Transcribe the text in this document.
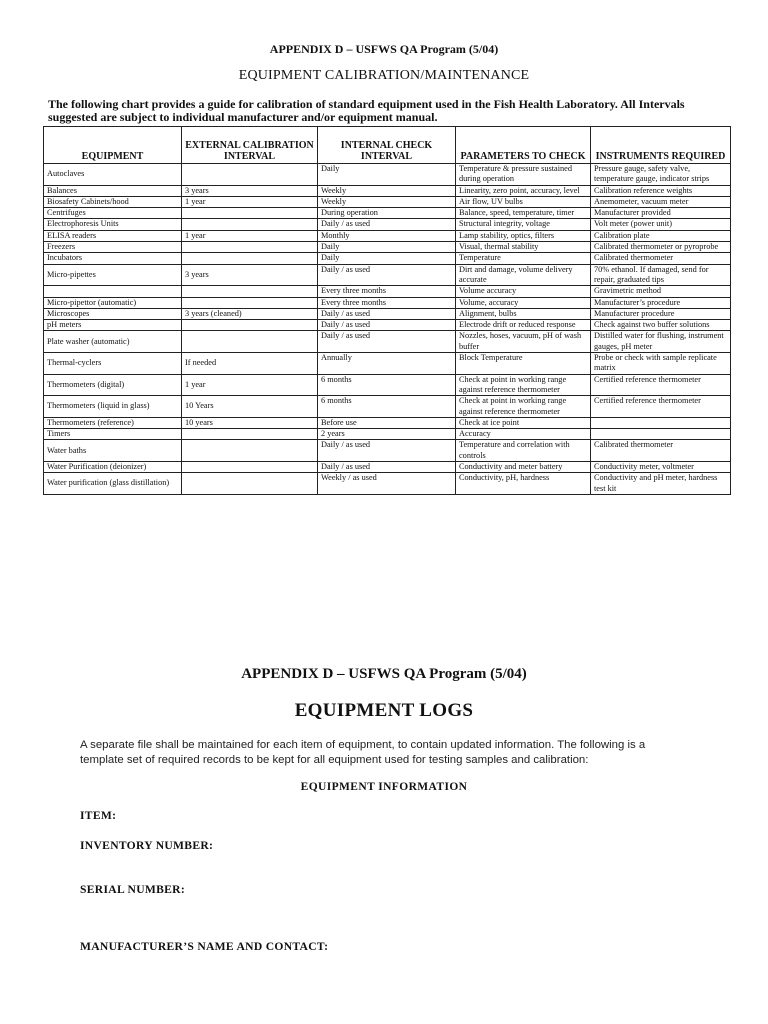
APPENDIX D – USFWS QA Program (5/04)
EQUIPMENT CALIBRATION/MAINTENANCE
The following chart provides a guide for calibration of standard equipment used in the Fish Health Laboratory. All Intervals suggested are subject to individual manufacturer and/or equipment manual.
EQUIPMENT	EXTERNAL CALIBRATION INTERVAL	INTERNAL CHECK INTERVAL	PARAMETERS TO CHECK	INSTRUMENTS REQUIRED
Autoclaves		Daily	Temperature & pressure sustained during operation	Pressure gauge, safety valve, temperature gauge, indicator strips
Balances	3 years	Weekly	Linearity, zero point, accuracy, level	Calibration reference weights
Biosafety Cabinets/hood	1 year	Weekly	Air flow, UV bulbs	Anemometer, vacuum meter
Centrifuges		During operation	Balance, speed, temperature, timer	Manufacturer provided
Electrophoresis Units		Daily / as used	Structural integrity, voltage	Volt meter (power unit)
ELISA readers	1 year	Monthly	Lamp stability, optics, filters	Calibration plate
Freezers		Daily	Visual, thermal stability	Calibrated thermometer or pyroprobe
Incubators		Daily	Temperature	Calibrated thermometer
Micro-pipettes	3 years	Daily / as used	Dirt and damage, volume delivery accurate	70% ethanol. If damaged, send for repair, graduated tips
		Every three months	Volume accuracy	Gravimetric method
Micro-pipettor (automatic)		Every three months	Volume, accuracy	Manufacturer’s procedure
Microscopes	3 years (cleaned)	Daily / as used	Alignment, bulbs	Manufacturer procedure
pH meters		Daily / as used	Electrode drift or reduced response	Check against two buffer solutions
Plate washer (automatic)		Daily / as used	Nozzles, hoses, vacuum, pH of wash buffer	Distilled water for flushing, instrument gauges, pH meter
Thermal-cyclers	If needed	Annually	Block Temperature	Probe or check with sample replicate matrix
Thermometers (digital)	1 year	6 months	Check at point in working range against reference thermometer	Certified reference thermometer
Thermometers (liquid in glass)	10 Years	6 months	Check at point in working range against reference thermometer	Certified reference thermometer
Thermometers (reference)	10 years	Before use	Check at ice point	
Timers		2 years	Accuracy	
Water baths		Daily / as used	Temperature and correlation with controls	Calibrated thermometer
Water Purification (deionizer)		Daily / as used	Conductivity and meter battery	Conductivity meter, voltmeter
Water purification (glass distillation)		Weekly / as used	Conductivity, pH, hardness	Conductivity and pH meter, hardness test kit
APPENDIX D – USFWS QA Program (5/04)
EQUIPMENT LOGS
A separate file shall be maintained for each item of equipment, to contain updated information. The following is a template set of required records to be kept for all equipment used for testing samples and calibration:
EQUIPMENT INFORMATION
ITEM:
INVENTORY NUMBER:
SERIAL NUMBER:
MANUFACTURER’S NAME AND CONTACT:
